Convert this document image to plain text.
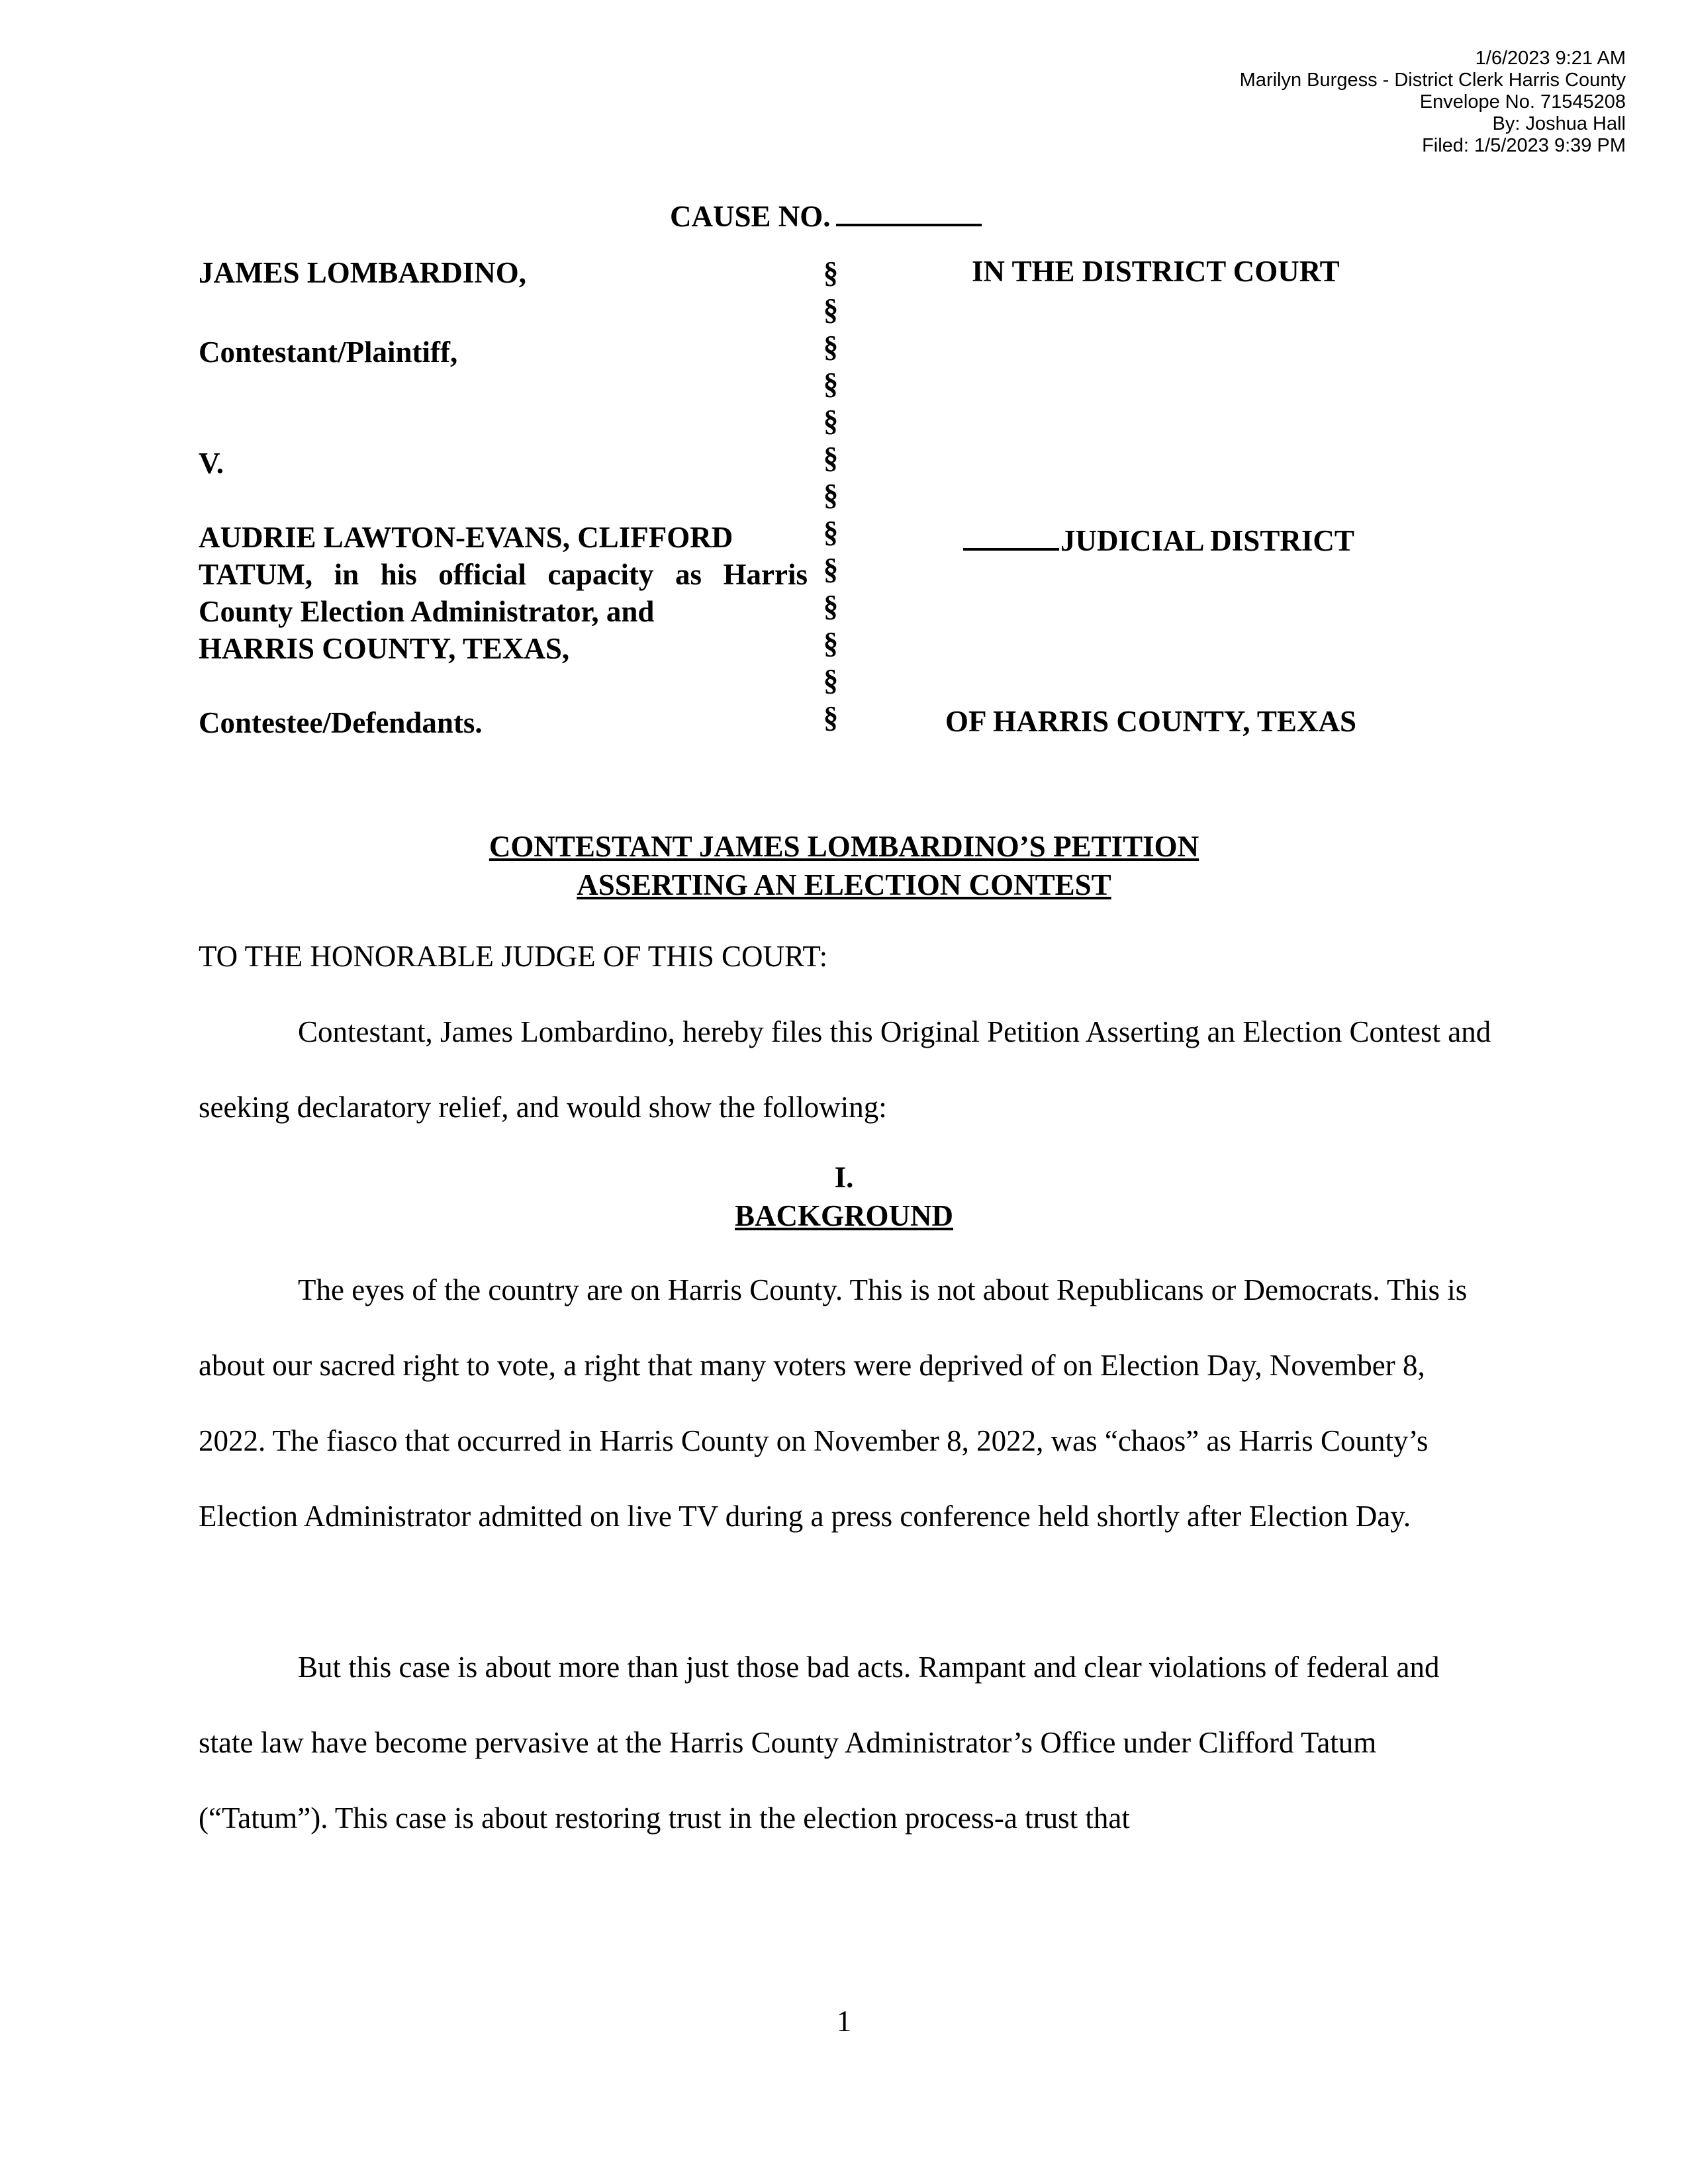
1/6/2023 9:21 AM
Marilyn Burgess - District Clerk Harris County
Envelope No. 71545208
By: Joshua Hall
Filed: 1/5/2023 9:39 PM
CAUSE NO.
JAMES LOMBARDINO,
Contestant/Plaintiff,
V.
AUDRIE LAWTON-EVANS, CLIFFORD
TATUM, in his official capacity as Harris
County Election Administrator, and
HARRIS COUNTY, TEXAS,
Contestee/Defendants.
§
§
§
§
§
§
§
§
§
§
§
§
§
IN THE DISTRICT COURT
JUDICIAL DISTRICT
OF HARRIS COUNTY, TEXAS
CONTESTANT JAMES LOMBARDINO’S PETITION
ASSERTING AN ELECTION CONTEST
TO THE HONORABLE JUDGE OF THIS COURT:
Contestant, James Lombardino, hereby files this Original Petition Asserting an Election Contest and seeking declaratory relief, and would show the following:
I.
BACKGROUND
The eyes of the country are on Harris County. This is not about Republicans or Democrats. This is about our sacred right to vote, a right that many voters were deprived of on Election Day, November 8, 2022. The fiasco that occurred in Harris County on November 8, 2022, was “chaos” as Harris County’s Election Administrator admitted on live TV during a press conference held shortly after Election Day.
But this case is about more than just those bad acts. Rampant and clear violations of federal and state law have become pervasive at the Harris County Administrator’s Office under Clifford Tatum (“Tatum”). This case is about restoring trust in the election process-a trust that
1
